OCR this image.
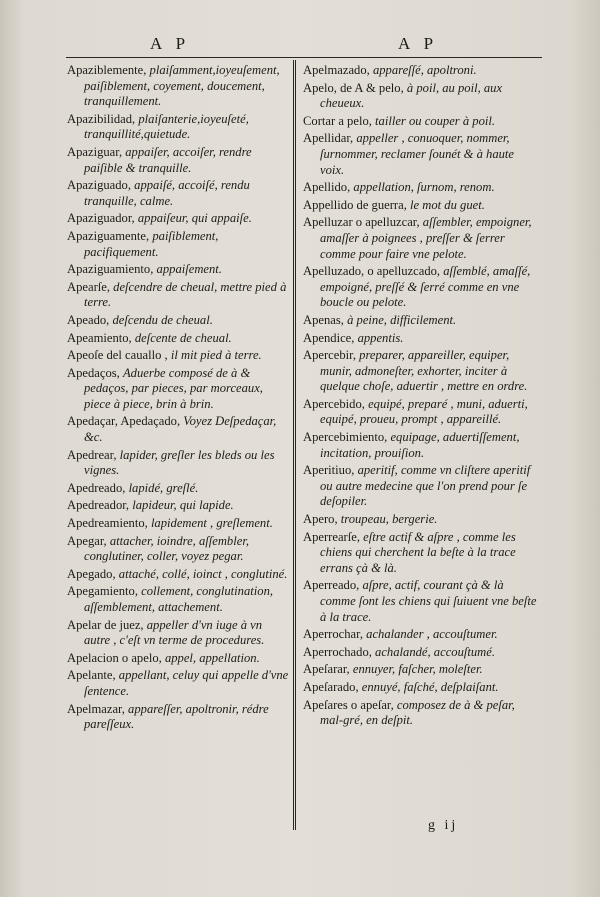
A P	A P

Apaziblemente, plaiſamment,ioyeuſement, paiſiblement, coyement, doucement, tranquillement.

Apazibilidad, plaiſanterie,ioyeuſeté, tranquillité,quietude.

Apaziguar, appaiſer, accoiſer, rendre paiſible & tranquille.

Apaziguado, appaiſé, accoiſé, rendu tranquille, calme.

Apaziguador, appaiſeur, qui appaiſe.

Apaziguamente, paiſiblement, pacifiquement.

Apaziguamiento, appaiſement.

Apearſe, deſcendre de cheual, mettre pied à terre.

Apeado, deſcendu de cheual.

Apeamiento, deſcente de cheual.

Apeoſe del cauallo , il mit pied à terre.

Apedaços, Aduerbe composé de à & pedaços, par pieces, par morceaux, piece à piece, brin à brin.

Apedaçar, Apedaçado, Voyez Deſpedaçar, &c.

Apedrear, lapider, greſler les bleds ou les vignes.

Apedreado, lapidé, greſlé.

Apedreador, lapideur, qui lapide.

Apedreamiento, lapidement , greſlement.

Apegar, attacher, ioindre, aſſembler, conglutiner, coller, voyez pegar.

Apegado, attaché, collé, ioinct , conglutiné.

Apegamiento, collement, conglutination, aſſemblement, attachement.

Apelar de juez, appeller d'vn iuge à vn autre , c'eſt vn terme de procedures.

Apelacion o apelo, appel, appellation.

Apelante, appellant, celuy qui appelle d'vne ſentence.

Apelmazar, appareſſer, apoltronir, rédre pareſſeux.

Apelmazado, appareſſé, apoltroni.

Apelo, de A & pelo, à poil, au poil, aux cheueux.

Cortar a pelo, tailler ou couper à poil.

Apellidar, appeller , conuoquer, nommer, ſurnommer, reclamer ſounét & à haute voix.

Apellido, appellation, ſurnom, renom.

Appellido de guerra, le mot du guet.

Apelluzar o apelluzcar, aſſembler, empoigner, amaſſer à poignees , preſſer & ſerrer comme pour faire vne pelote.

Apelluzado, o apelluzcado, aſſemblé, amaſſé, empoigné, preſſé & ſerré comme en vne boucle ou pelote.

Apenas, à peine, difficilement.

Apendice, appentis.

Apercebir, preparer, appareiller, equiper, munir, admoneſter, exhorter, inciter à quelque choſe, aduertir , mettre en ordre.

Apercebido, equipé, preparé , muni, aduerti, equipé, proueu, prompt , appareillé.

Apercebimiento, equipage, aduertiſſement, incitation, prouiſion.

Aperitiuo, aperitif, comme vn cliſtere aperitif ou autre medecine que l'on prend pour ſe deſopiler.

Apero, troupeau, bergerie.

Aperrearſe, eſtre actif & aſpre , comme les chiens qui cherchent la beſte à la trace errans çà & là.

Aperreado, aſpre, actif, courant çà & là comme ſont les chiens qui ſuiuent vne beſte à la trace.

Aperrochar, achalander , accouſtumer.

Aperrochado, achalandé, accouſtumé.

Apeſarar, ennuyer, faſcher, moleſter.

Apeſarado, ennuyé, faſché, deſplaiſant.

Apeſares o apeſar, composez de à & peſar, mal-gré, en deſpit.

g ij
